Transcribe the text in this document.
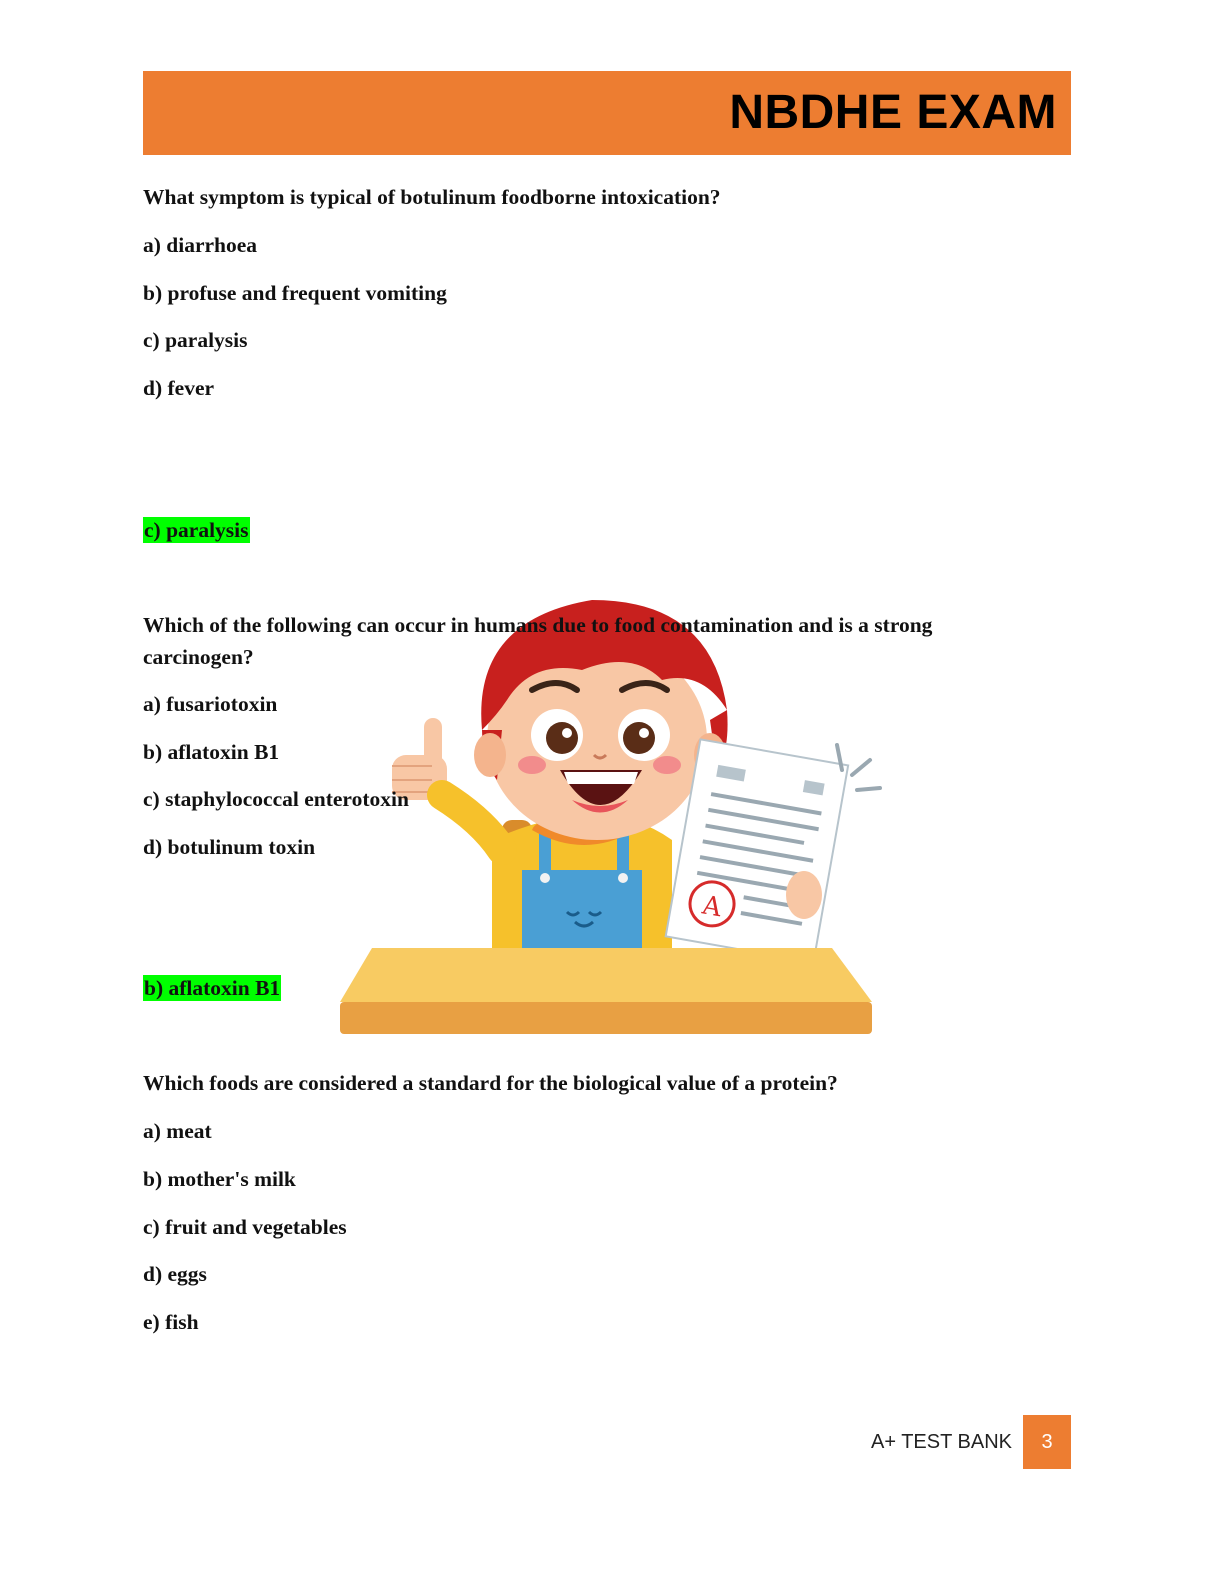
NBDHE EXAM
A
What symptom is typical of botulinum foodborne intoxication?
a) diarrhoea
b) profuse and frequent vomiting
c) paralysis
d) fever
c) paralysis
Which of the following can occur in humans due to food contamination and is a strong carcinogen?
a) fusariotoxin
b) aflatoxin B1
c) staphylococcal enterotoxin
d) botulinum toxin
b) aflatoxin B1
Which foods are considered a standard for the biological value of a protein?
a) meat
b) mother's milk
c) fruit and vegetables
d) eggs
e) fish
A+ TEST BANK	3
